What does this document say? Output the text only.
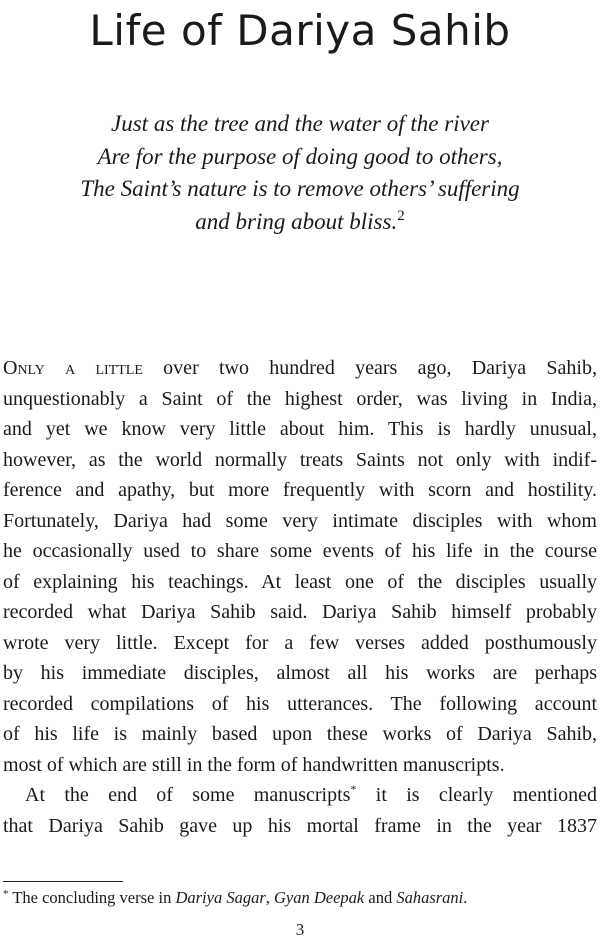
Life of Dariya Sahib
Just as the tree and the water of the river
Are for the purpose of doing good to others,
The Saint’s nature is to remove others’ suffering
and bring about bliss.$^2$
Only a little over two hundred years ago, Dariya Sahib,
unquestionably a Saint of the highest order, was living in India,
and yet we know very little about him. This is hardly unusual,
however, as the world normally treats Saints not only with indif-
ference and apathy, but more frequently with scorn and hostility.
Fortunately, Dariya had some very intimate disciples with whom
he occasionally used to share some events of his life in the course
of explaining his teachings. At least one of the disciples usually
recorded what Dariya Sahib said. Dariya Sahib himself probably
wrote very little. Except for a few verses added posthumously
by his immediate disciples, almost all his works are perhaps
recorded compilations of his utterances. The following account
of his life is mainly based upon these works of Dariya Sahib,
most of which are still in the form of handwritten manuscripts.
At the end of some manuscripts* it is clearly mentioned
that Dariya Sahib gave up his mortal frame in the year 1837
* The concluding verse in Dariya Sagar, Gyan Deepak and Sahasrani.
3
